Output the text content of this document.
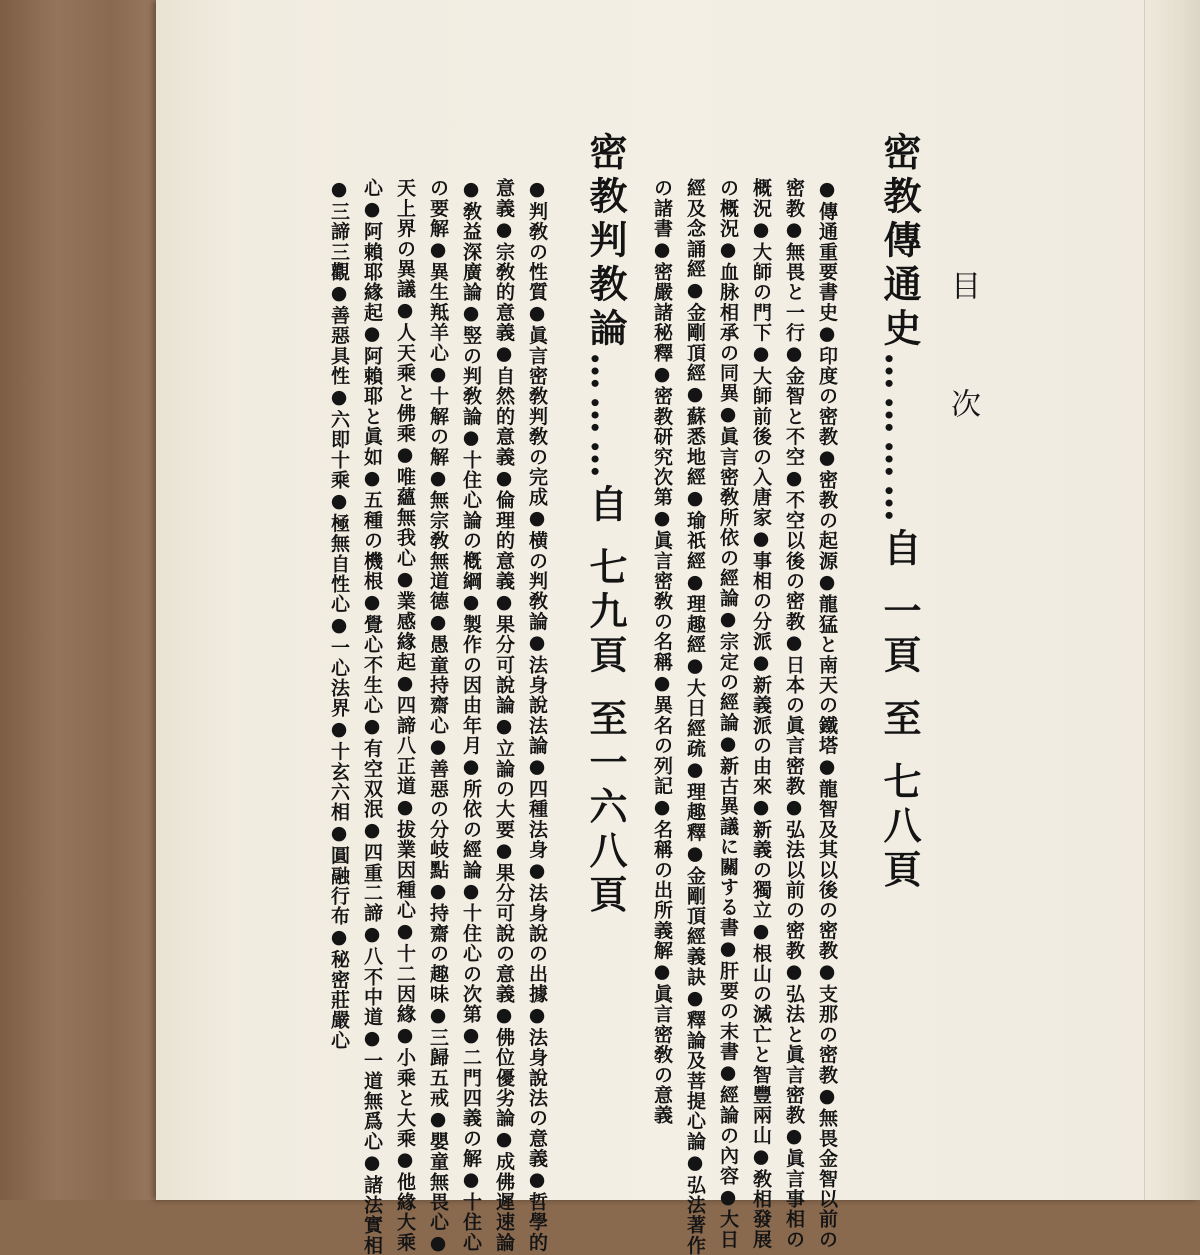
目次
密教傳通史…………自 一頁 至 七八頁
●傳通重要書史●印度の密教●密教の起源●龍猛と南天の鐵塔●龍智及其以後の密教●支那の密教●無畏金智以前の
密教●無畏と一行●金智と不空●不空以後の密教●日本の眞言密教●弘法以前の密教●弘法と眞言密教●眞言事相の
概況●大師の門下●大師前後の入唐家●事相の分派●新義派の由來●新義の獨立●根山の滅亡と智豐兩山●敎相發展
の概況●血脉相承の同異●眞言密敎所依の經論●宗定の經論●新古異議に關する書●肝要の末書●經論の內容●大日
經及念誦經●金剛頂經●蘇悉地經●瑜祇經●理趣經●大日經疏●理趣釋●金剛頂經義訣●釋論及菩提心論●弘法著作
の諸書●密嚴諸秘釋●密教研究次第●眞言密敎の名稱●異名の列記●名稱の出所義解●眞言密敎の意義
密教判教論………自 七九頁 至一六八頁
●判敎の性質●眞言密敎判敎の完成●横の判敎論●法身說法論●四種法身●法身說の出據●法身說法の意義●哲學的
意義●宗敎的意義●自然的意義●倫理的意義●果分可說論●立論の大要●果分可說の意義●佛位優劣論●成佛遲速論
●敎益深廣論●竪の判敎論●十住心論の槪綱●製作の因由年月●所依の經論●十住心の次第●二門四義の解●十住心
の要解●異生羝羊心●十解の解●無宗敎無道德●愚童持齋心●善惡の分岐點●持齋の趣味●三歸五戒●嬰童無畏心●
天上界の異議●人天乘と佛乘●唯蘊無我心●業感緣起●四諦八正道●拔業因種心●十二因緣●小乘と大乘●他緣大乘
心●阿賴耶緣起●阿賴耶と眞如●五種の機根●覺心不生心●有空双泯●四重二諦●八不中道●一道無爲心●諸法實相
●三諦三觀●善惡具性●六即十乘●極無自性心●一心法界●十玄六相●圓融行布●秘密莊嚴心
